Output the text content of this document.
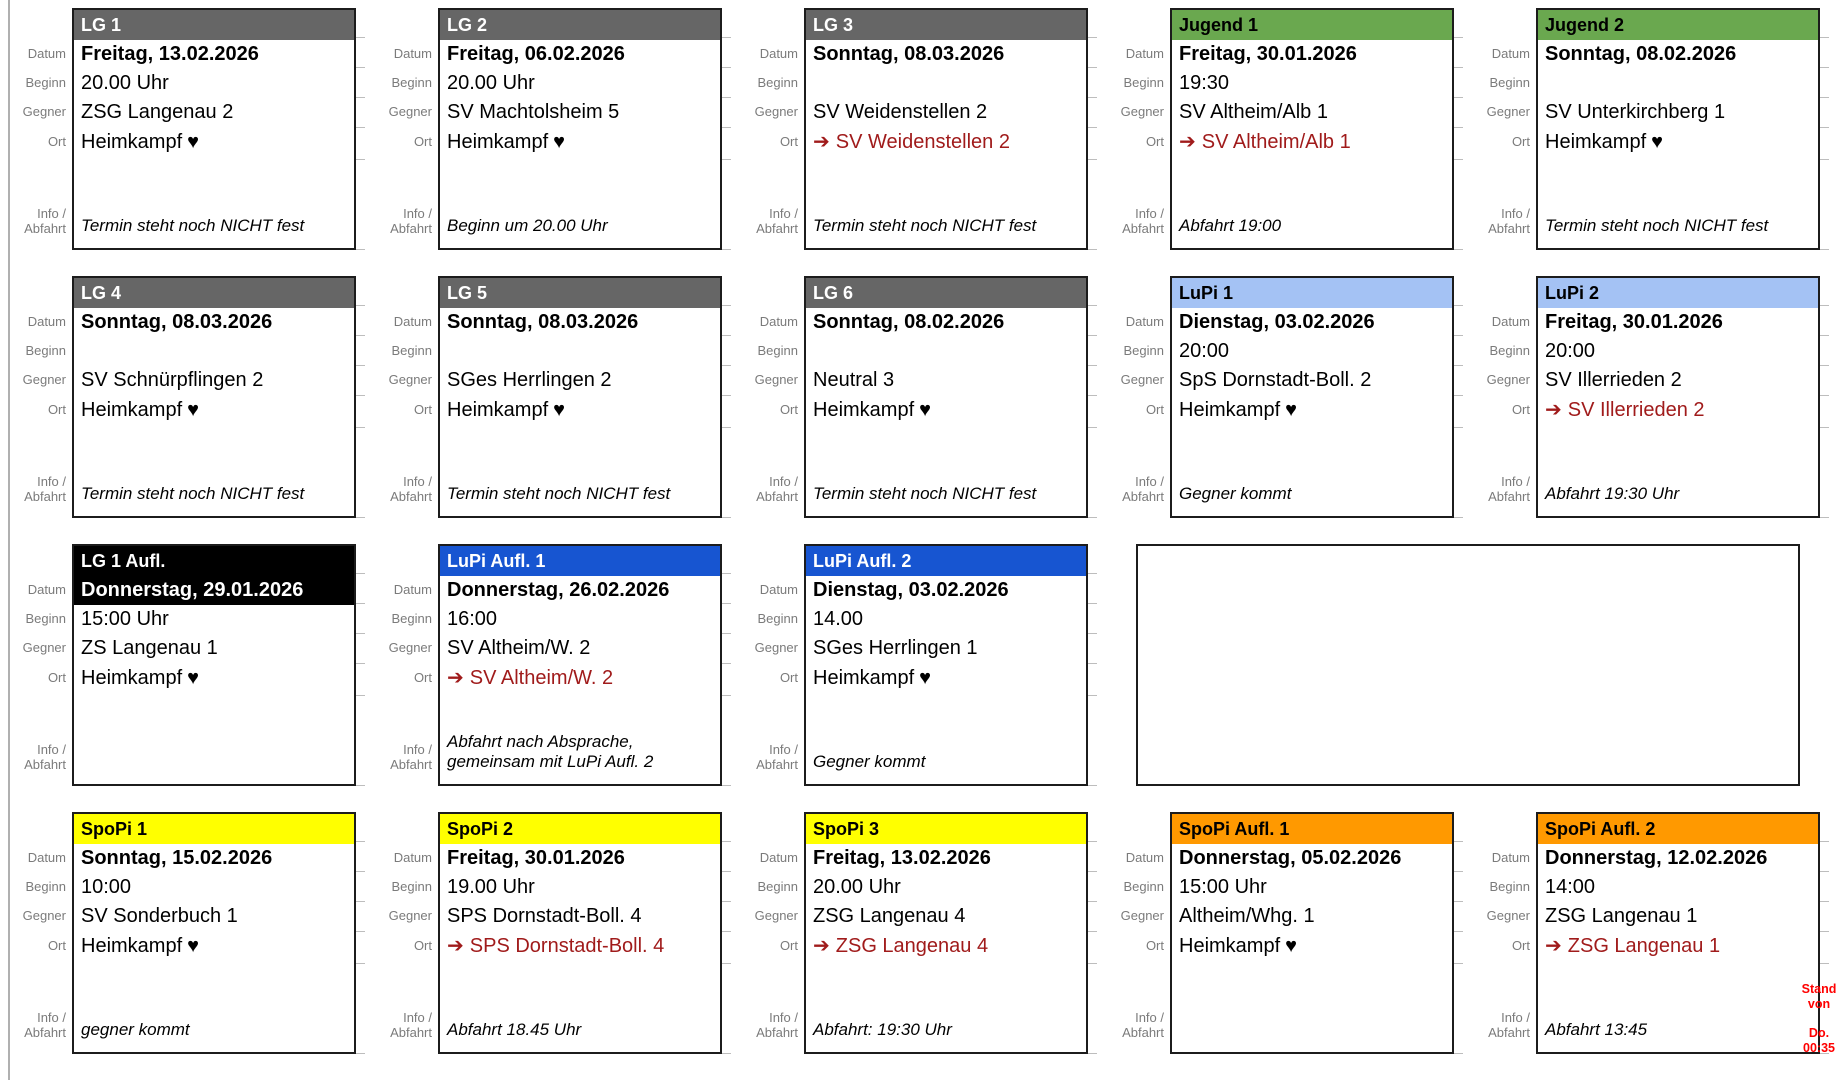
Datum
Beginn
Gegner
Ort
Info /
Abfahrt
LG 1
Freitag, 13.02.2026
20.00 Uhr
ZSG Langenau 2
Heimkampf ♥
Termin steht noch NICHT fest
Datum
Beginn
Gegner
Ort
Info /
Abfahrt
LG 2
Freitag, 06.02.2026
20.00 Uhr
SV Machtolsheim 5
Heimkampf ♥
Beginn um 20.00 Uhr
Datum
Beginn
Gegner
Ort
Info /
Abfahrt
LG 3
Sonntag, 08.03.2026
SV Weidenstellen 2
➔ SV Weidenstellen 2
Termin steht noch NICHT fest
Datum
Beginn
Gegner
Ort
Info /
Abfahrt
Jugend 1
Freitag, 30.01.2026
19:30
SV Altheim/Alb 1
➔ SV Altheim/Alb 1
Abfahrt 19:00
Datum
Beginn
Gegner
Ort
Info /
Abfahrt
Jugend 2
Sonntag, 08.02.2026
SV Unterkirchberg 1
Heimkampf ♥
Termin steht noch NICHT fest
Datum
Beginn
Gegner
Ort
Info /
Abfahrt
LG 4
Sonntag, 08.03.2026
SV Schnürpflingen 2
Heimkampf ♥
Termin steht noch NICHT fest
Datum
Beginn
Gegner
Ort
Info /
Abfahrt
LG 5
Sonntag, 08.03.2026
SGes Herrlingen 2
Heimkampf ♥
Termin steht noch NICHT fest
Datum
Beginn
Gegner
Ort
Info /
Abfahrt
LG 6
Sonntag, 08.02.2026
Neutral 3
Heimkampf ♥
Termin steht noch NICHT fest
Datum
Beginn
Gegner
Ort
Info /
Abfahrt
LuPi 1
Dienstag, 03.02.2026
20:00
SpS Dornstadt-Boll. 2
Heimkampf ♥
Gegner kommt
Datum
Beginn
Gegner
Ort
Info /
Abfahrt
LuPi 2
Freitag, 30.01.2026
20:00
SV Illerrieden 2
➔ SV Illerrieden 2
Abfahrt 19:30 Uhr
Datum
Beginn
Gegner
Ort
Info /
Abfahrt
LG 1 Aufl.
Donnerstag, 29.01.2026
15:00 Uhr
ZS Langenau 1
Heimkampf ♥
Datum
Beginn
Gegner
Ort
Info /
Abfahrt
LuPi Aufl. 1
Donnerstag, 26.02.2026
16:00
SV Altheim/W. 2
➔ SV Altheim/W. 2
Abfahrt nach Absprache, gemeinsam mit LuPi Aufl. 2
Datum
Beginn
Gegner
Ort
Info /
Abfahrt
LuPi Aufl. 2
Dienstag, 03.02.2026
14.00
SGes Herrlingen 1
Heimkampf ♥
Gegner kommt
Datum
Beginn
Gegner
Ort
Info /
Abfahrt
SpoPi 1
Sonntag, 15.02.2026
10:00
SV Sonderbuch 1
Heimkampf ♥
gegner kommt
Datum
Beginn
Gegner
Ort
Info /
Abfahrt
SpoPi 2
Freitag, 30.01.2026
19.00 Uhr
SPS Dornstadt-Boll. 4
➔ SPS Dornstadt-Boll. 4
Abfahrt 18.45 Uhr
Datum
Beginn
Gegner
Ort
Info /
Abfahrt
SpoPi 3
Freitag, 13.02.2026
20.00 Uhr
ZSG Langenau 4
➔ ZSG Langenau 4
Abfahrt: 19:30 Uhr
Datum
Beginn
Gegner
Ort
Info /
Abfahrt
SpoPi Aufl. 1
Donnerstag, 05.02.2026
15:00 Uhr
Altheim/Whg. 1
Heimkampf ♥
Datum
Beginn
Gegner
Ort
Info /
Abfahrt
SpoPi Aufl. 2
Donnerstag, 12.02.2026
14:00
ZSG Langenau 1
➔ ZSG Langenau 1
Abfahrt 13:45
Stand
von
Do.
00:35
